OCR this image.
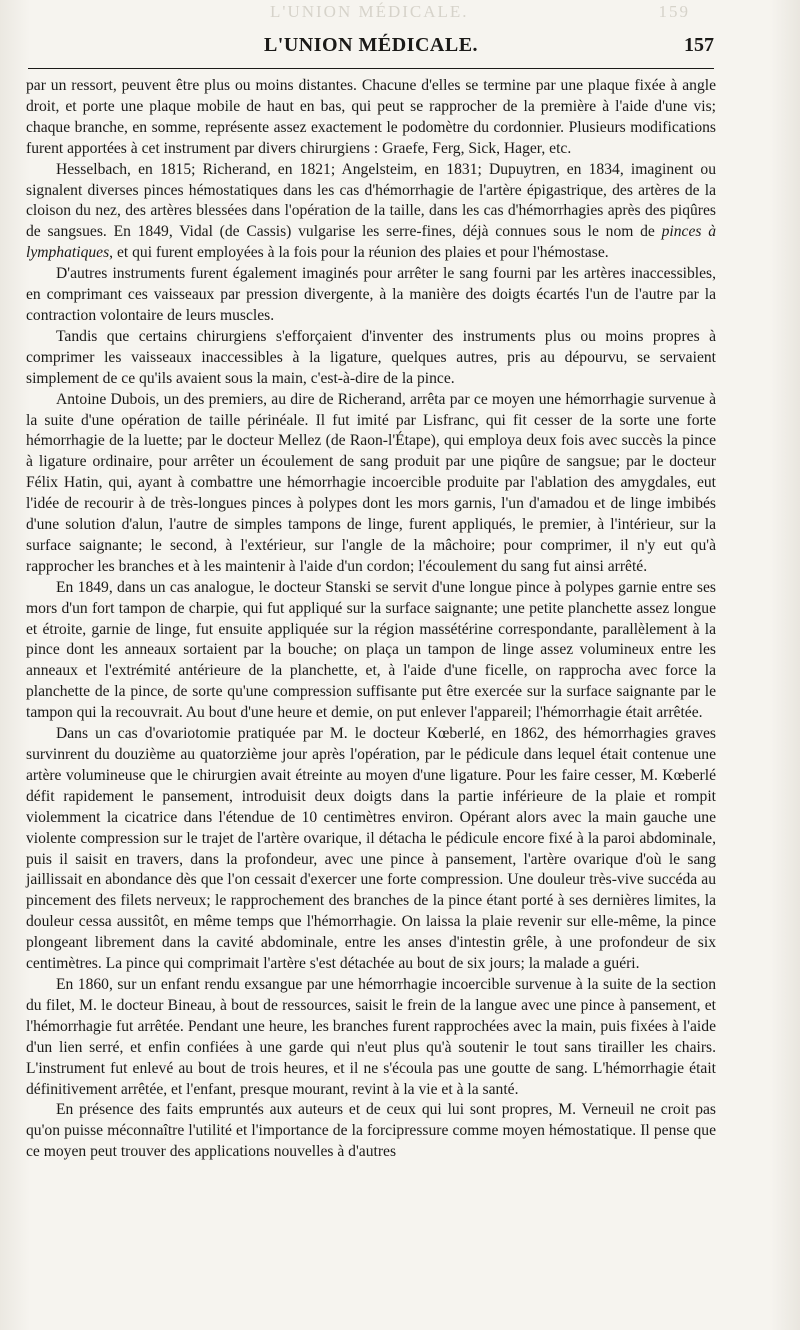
L'UNION MÉDICALE.	159
L'UNION MÉDICALE.	157

par un ressort, peuvent être plus ou moins distantes. Chacune d'elles se termine par une plaque fixée à angle droit, et porte une plaque mobile de haut en bas, qui peut se rapprocher de la première à l'aide d'une vis; chaque branche, en somme, représente assez exactement le podomètre du cordonnier. Plusieurs modifications furent apportées à cet instrument par divers chirurgiens : Graefe, Ferg, Sick, Hager, etc.

Hesselbach, en 1815; Richerand, en 1821; Angelsteim, en 1831; Dupuytren, en 1834, imaginent ou signalent diverses pinces hémostatiques dans les cas d'hémorrhagie de l'artère épigastrique, des artères de la cloison du nez, des artères blessées dans l'opération de la taille, dans les cas d'hémorrhagies après des piqûres de sangsues. En 1849, Vidal (de Cassis) vulgarise les serre-fines, déjà connues sous le nom de pinces à lymphatiques, et qui furent employées à la fois pour la réunion des plaies et pour l'hémostase.

D'autres instruments furent également imaginés pour arrêter le sang fourni par les artères inaccessibles, en comprimant ces vaisseaux par pression divergente, à la manière des doigts écartés l'un de l'autre par la contraction volontaire de leurs muscles.

Tandis que certains chirurgiens s'efforçaient d'inventer des instruments plus ou moins propres à comprimer les vaisseaux inaccessibles à la ligature, quelques autres, pris au dépourvu, se servaient simplement de ce qu'ils avaient sous la main, c'est-à-dire de la pince.

Antoine Dubois, un des premiers, au dire de Richerand, arrêta par ce moyen une hémorrhagie survenue à la suite d'une opération de taille périnéale. Il fut imité par Lisfranc, qui fit cesser de la sorte une forte hémorrhagie de la luette; par le docteur Mellez (de Raon-l'Étape), qui employa deux fois avec succès la pince à ligature ordinaire, pour arrêter un écoulement de sang produit par une piqûre de sangsue; par le docteur Félix Hatin, qui, ayant à combattre une hémorrhagie incoercible produite par l'ablation des amygdales, eut l'idée de recourir à de très-longues pinces à polypes dont les mors garnis, l'un d'amadou et de linge imbibés d'une solution d'alun, l'autre de simples tampons de linge, furent appliqués, le premier, à l'intérieur, sur la surface saignante; le second, à l'extérieur, sur l'angle de la mâchoire; pour comprimer, il n'y eut qu'à rapprocher les branches et à les maintenir à l'aide d'un cordon; l'écoulement du sang fut ainsi arrêté.

En 1849, dans un cas analogue, le docteur Stanski se servit d'une longue pince à polypes garnie entre ses mors d'un fort tampon de charpie, qui fut appliqué sur la surface saignante; une petite planchette assez longue et étroite, garnie de linge, fut ensuite appliquée sur la région massétérine correspondante, parallèlement à la pince dont les anneaux sortaient par la bouche; on plaça un tampon de linge assez volumineux entre les anneaux et l'extrémité antérieure de la planchette, et, à l'aide d'une ficelle, on rapprocha avec force la planchette de la pince, de sorte qu'une compression suffisante put être exercée sur la surface saignante par le tampon qui la recouvrait. Au bout d'une heure et demie, on put enlever l'appareil; l'hémorrhagie était arrêtée.

Dans un cas d'ovariotomie pratiquée par M. le docteur Kœberlé, en 1862, des hémorrhagies graves survinrent du douzième au quatorzième jour après l'opération, par le pédicule dans lequel était contenue une artère volumineuse que le chirurgien avait étreinte au moyen d'une ligature. Pour les faire cesser, M. Kœberlé défit rapidement le pansement, introduisit deux doigts dans la partie inférieure de la plaie et rompit violemment la cicatrice dans l'étendue de 10 centimètres environ. Opérant alors avec la main gauche une violente compression sur le trajet de l'artère ovarique, il détacha le pédicule encore fixé à la paroi abdominale, puis il saisit en travers, dans la profondeur, avec une pince à pansement, l'artère ovarique d'où le sang jaillissait en abondance dès que l'on cessait d'exercer une forte compression. Une douleur très-vive succéda au pincement des filets nerveux; le rapprochement des branches de la pince étant porté à ses dernières limites, la douleur cessa aussitôt, en même temps que l'hémorrhagie. On laissa la plaie revenir sur elle-même, la pince plongeant librement dans la cavité abdominale, entre les anses d'intestin grêle, à une profondeur de six centimètres. La pince qui comprimait l'artère s'est détachée au bout de six jours; la malade a guéri.

En 1860, sur un enfant rendu exsangue par une hémorrhagie incoercible survenue à la suite de la section du filet, M. le docteur Bineau, à bout de ressources, saisit le frein de la langue avec une pince à pansement, et l'hémorrhagie fut arrêtée. Pendant une heure, les branches furent rapprochées avec la main, puis fixées à l'aide d'un lien serré, et enfin confiées à une garde qui n'eut plus qu'à soutenir le tout sans tirailler les chairs. L'instrument fut enlevé au bout de trois heures, et il ne s'écoula pas une goutte de sang. L'hémorrhagie était définitivement arrêtée, et l'enfant, presque mourant, revint à la vie et à la santé.

En présence des faits empruntés aux auteurs et de ceux qui lui sont propres, M. Verneuil ne croit pas qu'on puisse méconnaître l'utilité et l'importance de la forcipressure comme moyen hémostatique. Il pense que ce moyen peut trouver des applications nouvelles à d'autres
